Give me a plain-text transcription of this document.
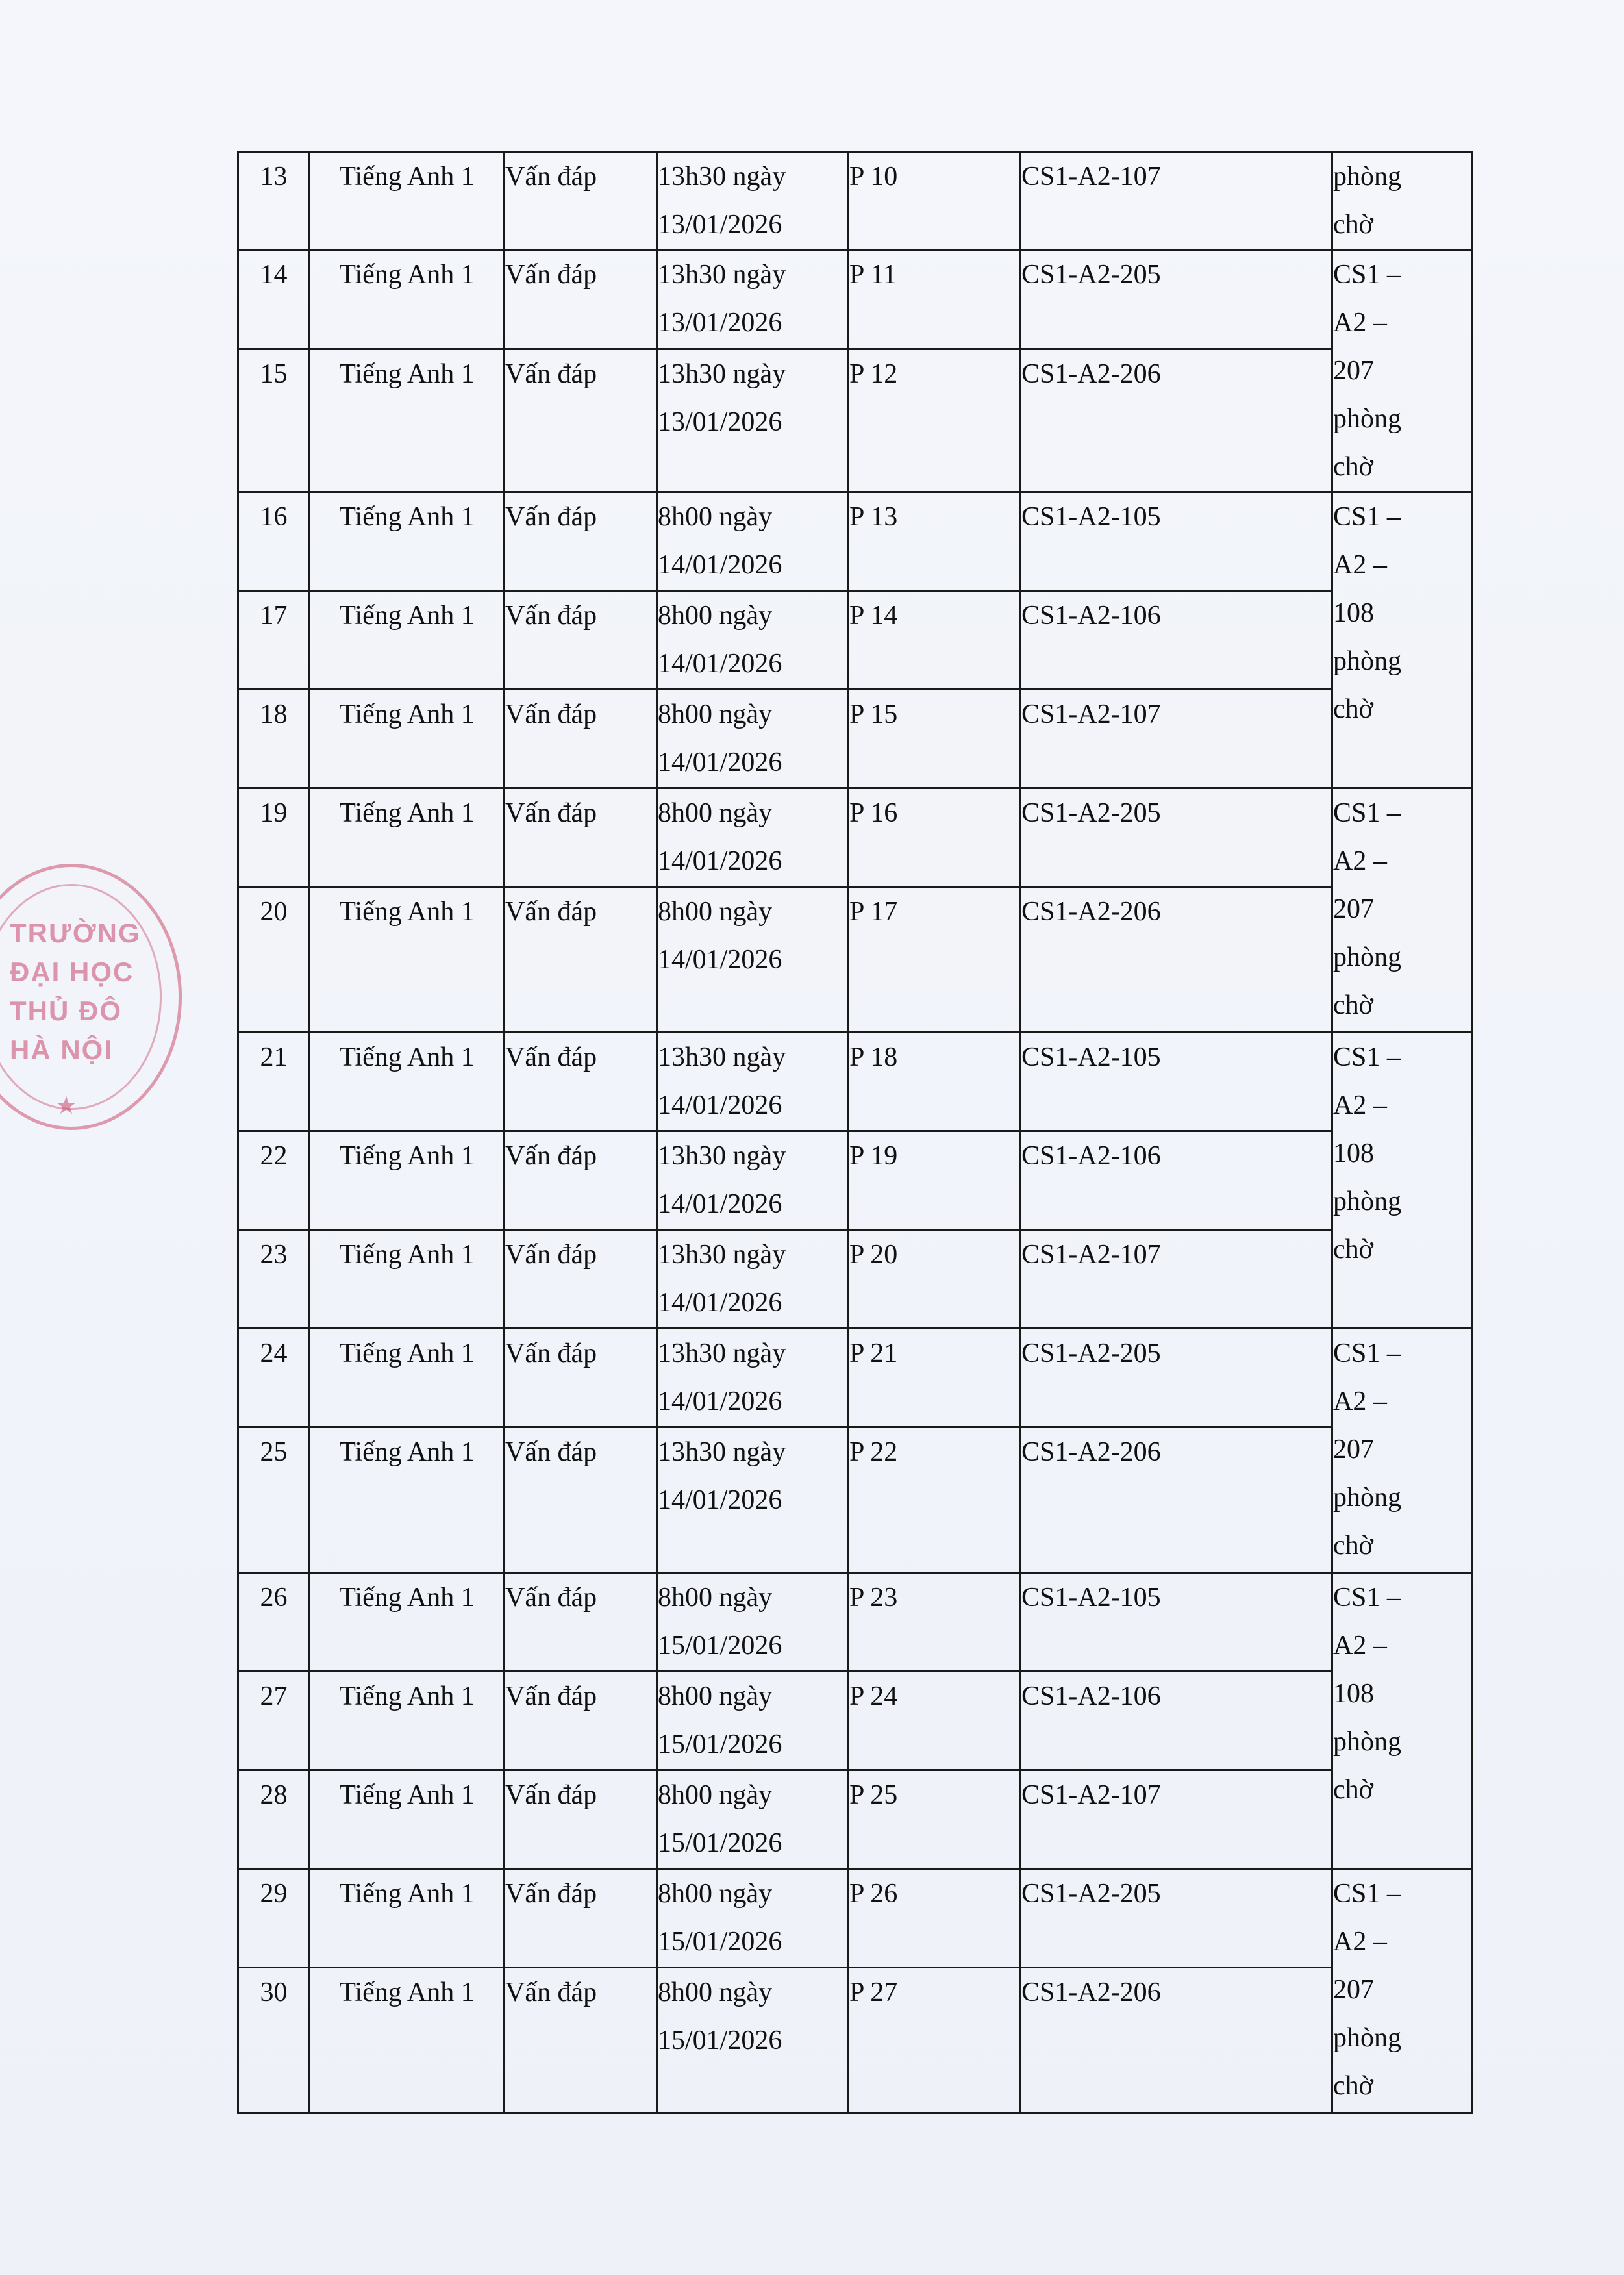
13	Tiếng Anh 1	Vấn đáp	13h30 ngày
13/01/2026	P 10	CS1-A2-107	phòng
chờ

14	Tiếng Anh 1	Vấn đáp	13h30 ngày
13/01/2026	P 11	CS1-A2-205	CS1 –
A2 –
207
phòng
chờ

15	Tiếng Anh 1	Vấn đáp	13h30 ngày
13/01/2026	P 12	CS1-A2-206	
16	Tiếng Anh 1	Vấn đáp	8h00 ngày
14/01/2026	P 13	CS1-A2-105	CS1 –
A2 –
108
phòng
chờ

17	Tiếng Anh 1	Vấn đáp	8h00 ngày
14/01/2026	P 14	CS1-A2-106	
18	Tiếng Anh 1	Vấn đáp	8h00 ngày
14/01/2026	P 15	CS1-A2-107	
19	Tiếng Anh 1	Vấn đáp	8h00 ngày
14/01/2026	P 16	CS1-A2-205	CS1 –
A2 –
207
phòng
chờ

20	Tiếng Anh 1	Vấn đáp	8h00 ngày
14/01/2026	P 17	CS1-A2-206	
21	Tiếng Anh 1	Vấn đáp	13h30 ngày
14/01/2026	P 18	CS1-A2-105	CS1 –
A2 –
108
phòng
chờ

22	Tiếng Anh 1	Vấn đáp	13h30 ngày
14/01/2026	P 19	CS1-A2-106	
23	Tiếng Anh 1	Vấn đáp	13h30 ngày
14/01/2026	P 20	CS1-A2-107	
24	Tiếng Anh 1	Vấn đáp	13h30 ngày
14/01/2026	P 21	CS1-A2-205	CS1 –
A2 –
207
phòng
chờ

25	Tiếng Anh 1	Vấn đáp	13h30 ngày
14/01/2026	P 22	CS1-A2-206	
26	Tiếng Anh 1	Vấn đáp	8h00 ngày
15/01/2026	P 23	CS1-A2-105	CS1 –
A2 –
108
phòng
chờ

27	Tiếng Anh 1	Vấn đáp	8h00 ngày
15/01/2026	P 24	CS1-A2-106	
28	Tiếng Anh 1	Vấn đáp	8h00 ngày
15/01/2026	P 25	CS1-A2-107	
29	Tiếng Anh 1	Vấn đáp	8h00 ngày
15/01/2026	P 26	CS1-A2-205	CS1 –
A2 –
207
phòng
chờ

30	Tiếng Anh 1	Vấn đáp	8h00 ngày
15/01/2026	P 27	CS1-A2-206	
TRƯỜNG
ĐẠI HỌC
THỦ ĐÔ
HÀ NỘI
★
